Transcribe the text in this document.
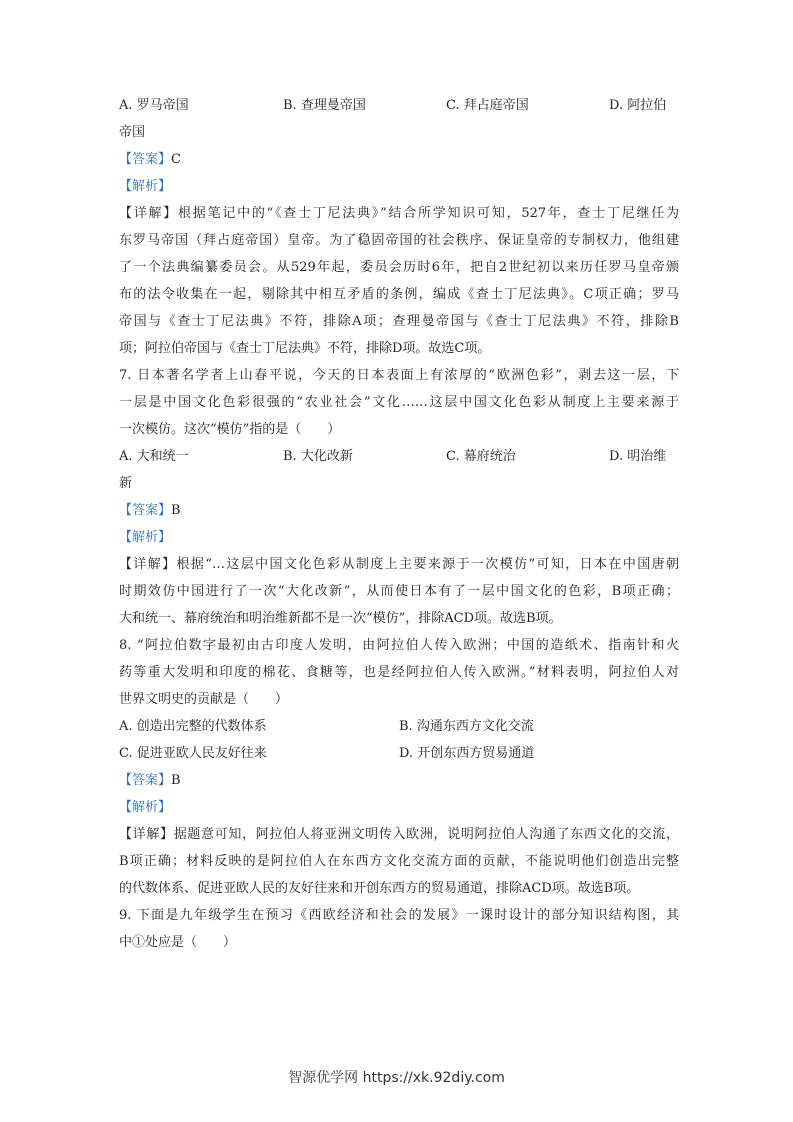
A. 罗马帝国	B. 查理曼帝国	C. 拜占庭帝国	D. 阿拉伯
帝国
【答案】C
【解析】
【详解】根据笔记中的“《查士丁尼法典》”结合所学知识可知，527年，查士丁尼继任为
东罗马帝国（拜占庭帝国）皇帝。为了稳固帝国的社会秩序、保证皇帝的专制权力，他组建
了一个法典编纂委员会。从529年起，委员会历时6年，把自2世纪初以来历任罗马皇帝颁
布的法令收集在一起，剔除其中相互矛盾的条例，编成《查士丁尼法典》。C项正确；罗马
帝国与《查士丁尼法典》不符，排除A项；查理曼帝国与《查士丁尼法典》不符，排除B
项；阿拉伯帝国与《查士丁尼法典》不符，排除D项。故选C项。
7. 日本著名学者上山春平说，今天的日本表面上有浓厚的“欧洲色彩”，剥去这一层，下
一层是中国文化色彩很强的“农业社会”文化……这层中国文化色彩从制度上主要来源于
一次模仿。这次“模仿”指的是（　　）
A. 大和统一	B. 大化改新	C. 幕府统治	D. 明治维
新
【答案】B
【解析】
【详解】根据“…这层中国文化色彩从制度上主要来源于一次模仿”可知，日本在中国唐朝
时期效仿中国进行了一次“大化改新”，从而使日本有了一层中国文化的色彩，B项正确；
大和统一、幕府统治和明治维新都不是一次“模仿”，排除ACD项。故选B项。
8. “阿拉伯数字最初由古印度人发明，由阿拉伯人传入欧洲；中国的造纸术、指南针和火
药等重大发明和印度的棉花、食糖等，也是经阿拉伯人传入欧洲。”材料表明，阿拉伯人对
世界文明史的贡献是（　　）
A. 创造出完整的代数体系	B. 沟通东西方文化交流
C. 促进亚欧人民友好往来	D. 开创东西方贸易通道
【答案】B
【解析】
【详解】据题意可知，阿拉伯人将亚洲文明传入欧洲，说明阿拉伯人沟通了东西文化的交流，
B项正确；材料反映的是阿拉伯人在东西方文化交流方面的贡献，不能说明他们创造出完整
的代数体系、促进亚欧人民的友好往来和开创东西方的贸易通道，排除ACD项。故选B项。
9. 下面是九年级学生在预习《西欧经济和社会的发展》一课时设计的部分知识结构图，其
中①处应是（　　）
智源优学网 https://xk.92diy.com
